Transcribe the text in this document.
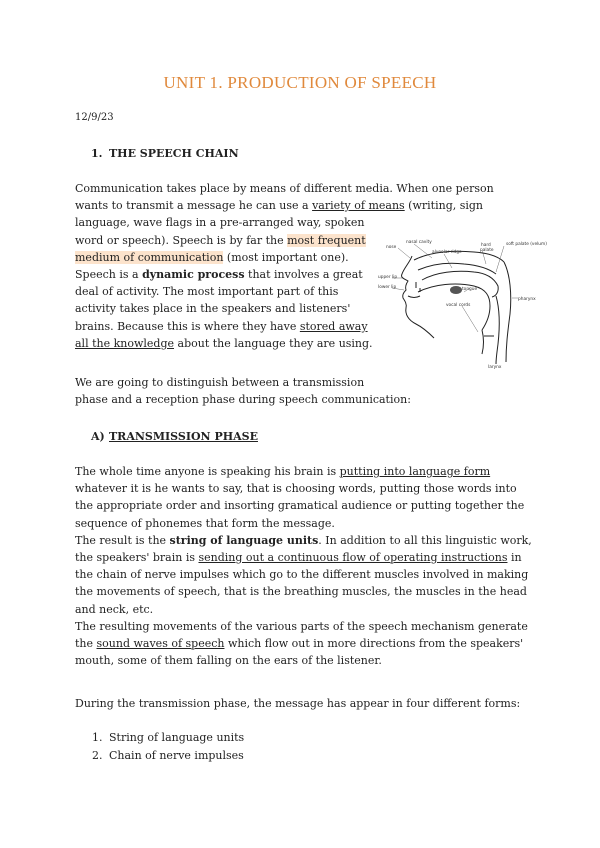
UNIT 1. PRODUCTION OF SPEECH
12/9/23
1. THE SPEECH CHAIN
Communication takes place by means of different media. When one person
wants to transmit a message he can use a variety of means (writing, sign
language, wave flags in a pre-arranged way, spoken
word or speech). Speech is by far the most frequent
medium of communication (most important one).
Speech is a dynamic process that involves a great
deal of activity. The most important part of this
activity takes place in the speakers and listeners'
brains. Because this is where they have stored away
all the knowledge about the language they are using.
nose
nasal cavity
alveolar ridge
hard
palate
soft palate (velum)
upper lip
lower lip	tongue
pharynx
vocal cords
larynx
We are going to distinguish between a transmission
phase and a reception phase during speech communication:
A) TRANSMISSION PHASE
The whole time anyone is speaking his brain is putting into language form
whatever it is he wants to say, that is choosing words, putting those words into
the appropriate order and insorting gramatical audience or putting together the
sequence of phonemes that form the message.
The result is the string of language units. In addition to all this linguistic work,
the speakers' brain is sending out a continuous flow of operating instructions in
the chain of nerve impulses which go to the different muscles involved in making
the movements of speech, that is the breathing muscles, the muscles in the head
and neck, etc.
The resulting movements of the various parts of the speech mechanism generate
the sound waves of speech which flow out in more directions from the speakers'
mouth, some of them falling on the ears of the listener.
During the transmission phase, the message has appear in four different forms:
1. String of language units
2. Chain of nerve impulses
